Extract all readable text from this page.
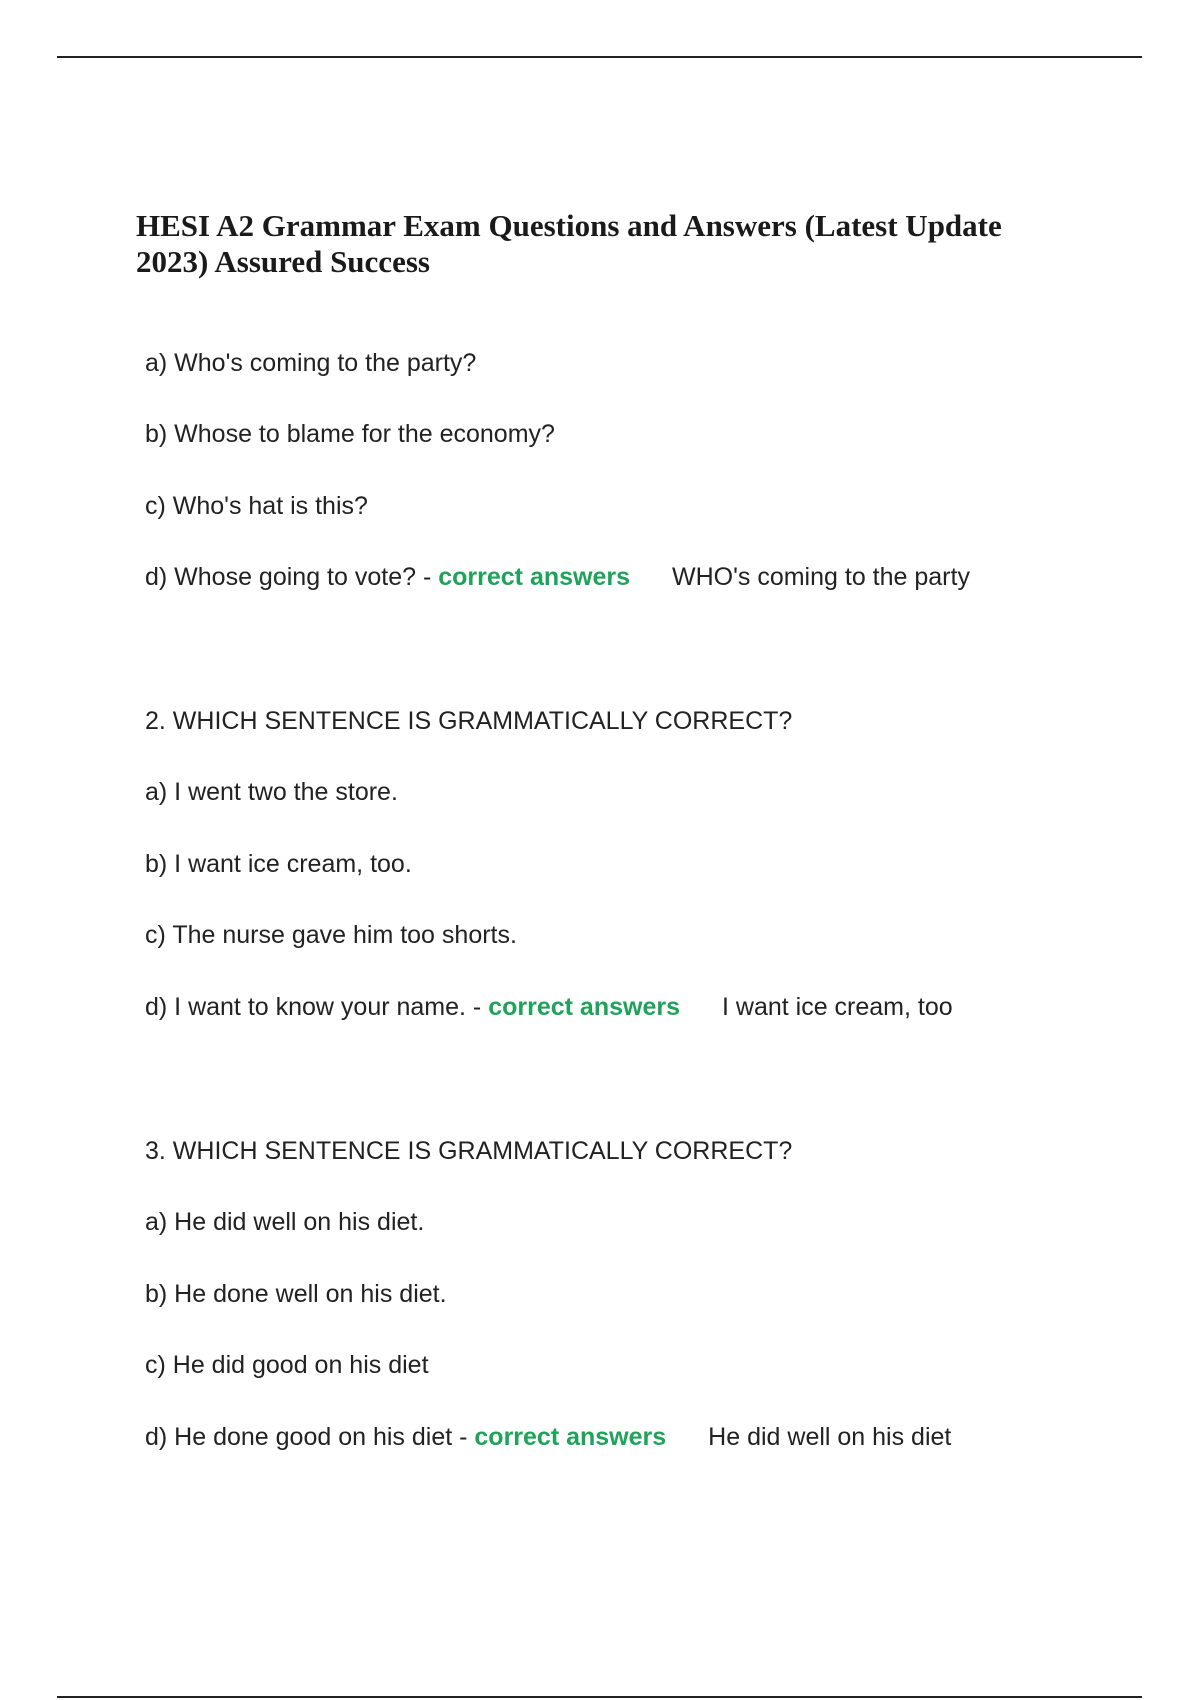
HESI A2 Grammar Exam Questions and Answers (Latest Update 2023) Assured Success

a) Who's coming to the party?

b) Whose to blame for the economy?

c) Who's hat is this?

d) Whose going to vote? - correct answers WHO's coming to the party

2. WHICH SENTENCE IS GRAMMATICALLY CORRECT?

a) I went two the store.

b) I want ice cream, too.

c) The nurse gave him too shorts.

d) I want to know your name. - correct answers I want ice cream, too

3. WHICH SENTENCE IS GRAMMATICALLY CORRECT?

a) He did well on his diet.

b) He done well on his diet.

c) He did good on his diet

d) He done good on his diet - correct answers He did well on his diet
